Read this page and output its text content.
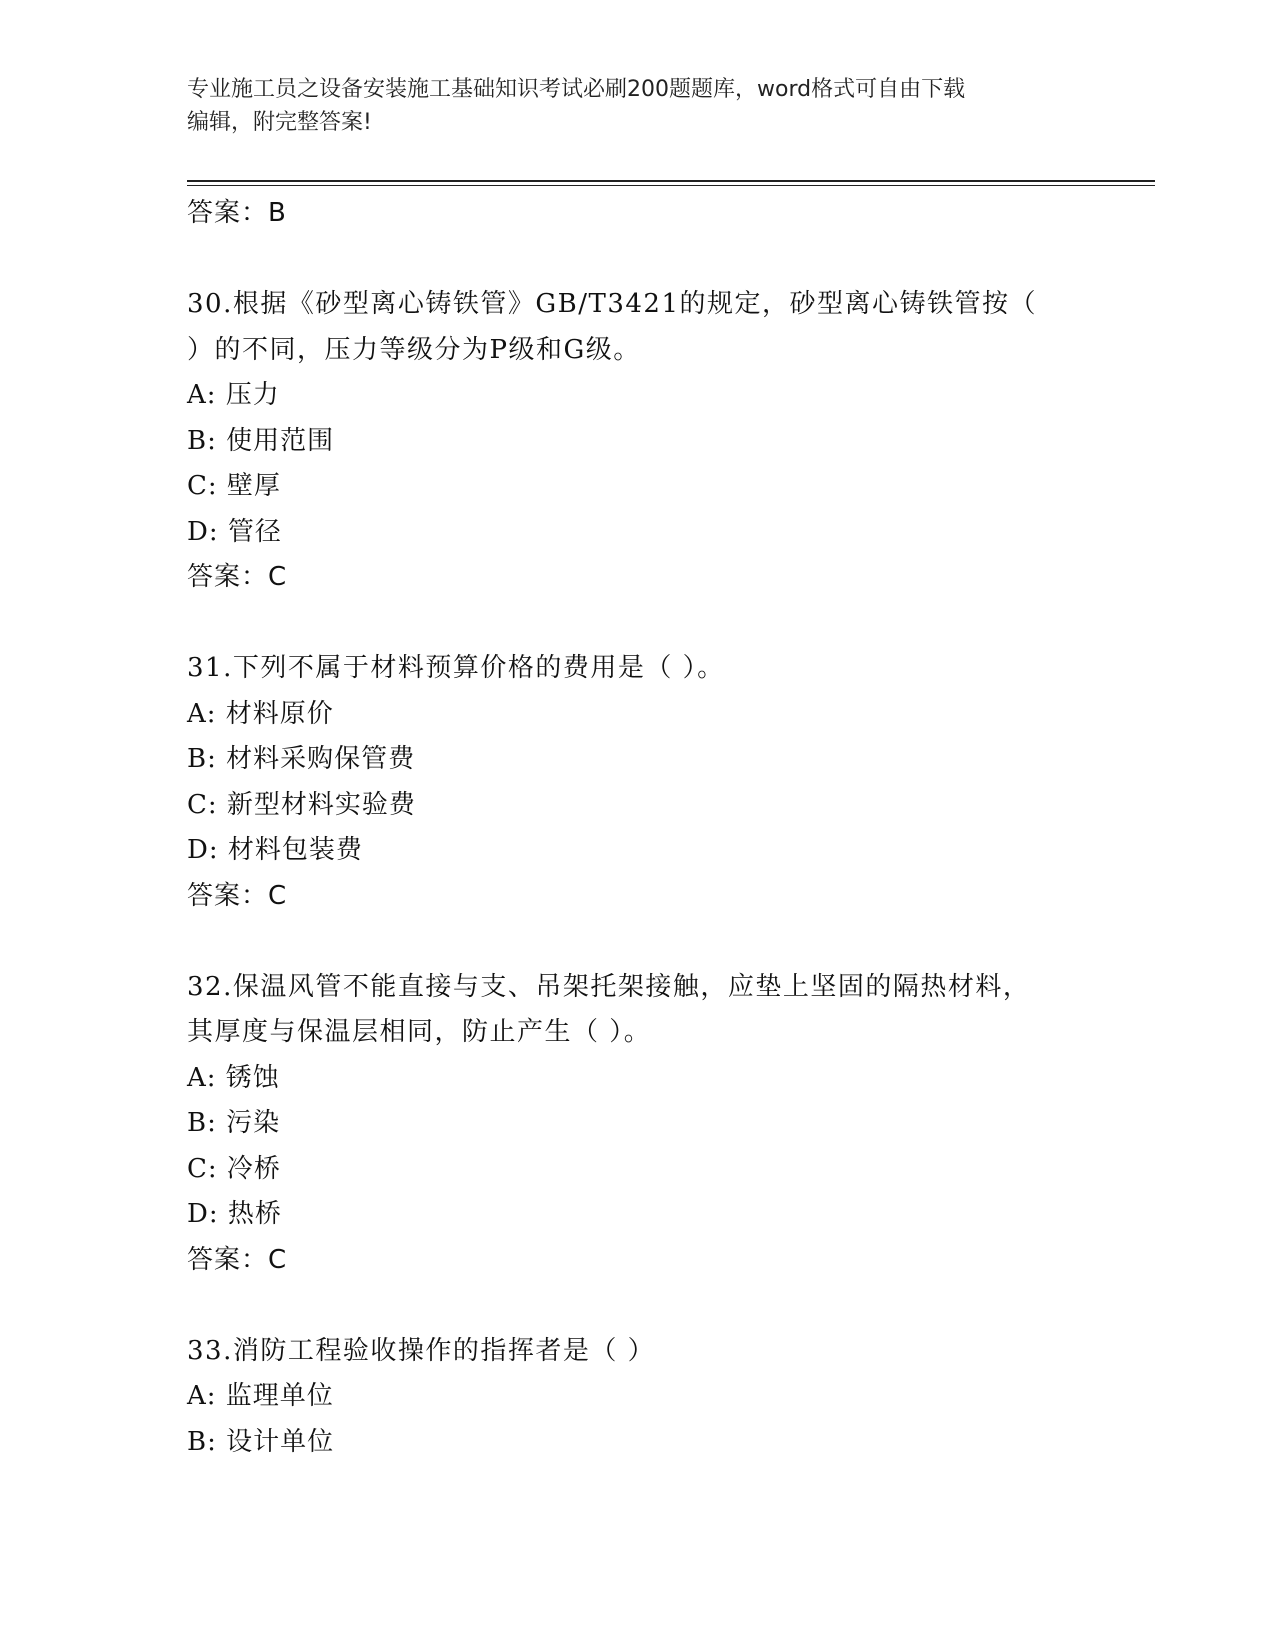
专业施工员之设备安装施工基础知识考试必刷200题题库，word格式可自由下载
编辑，附完整答案!
答案：B
30.根据《砂型离心铸铁管》GB/T3421的规定，砂型离心铸铁管按（
）的不同，压力等级分为P级和G级。
A: 压力
B: 使用范围
C: 壁厚
D: 管径
答案：C
31.下列不属于材料预算价格的费用是（ ）。
A: 材料原价
B: 材料采购保管费
C: 新型材料实验费
D: 材料包装费
答案：C
32.保温风管不能直接与支、吊架托架接触，应垫上坚固的隔热材料，
其厚度与保温层相同，防止产生（ ）。
A: 锈蚀
B: 污染
C: 冷桥
D: 热桥
答案：C
33.消防工程验收操作的指挥者是（ ）
A: 监理单位
B: 设计单位
